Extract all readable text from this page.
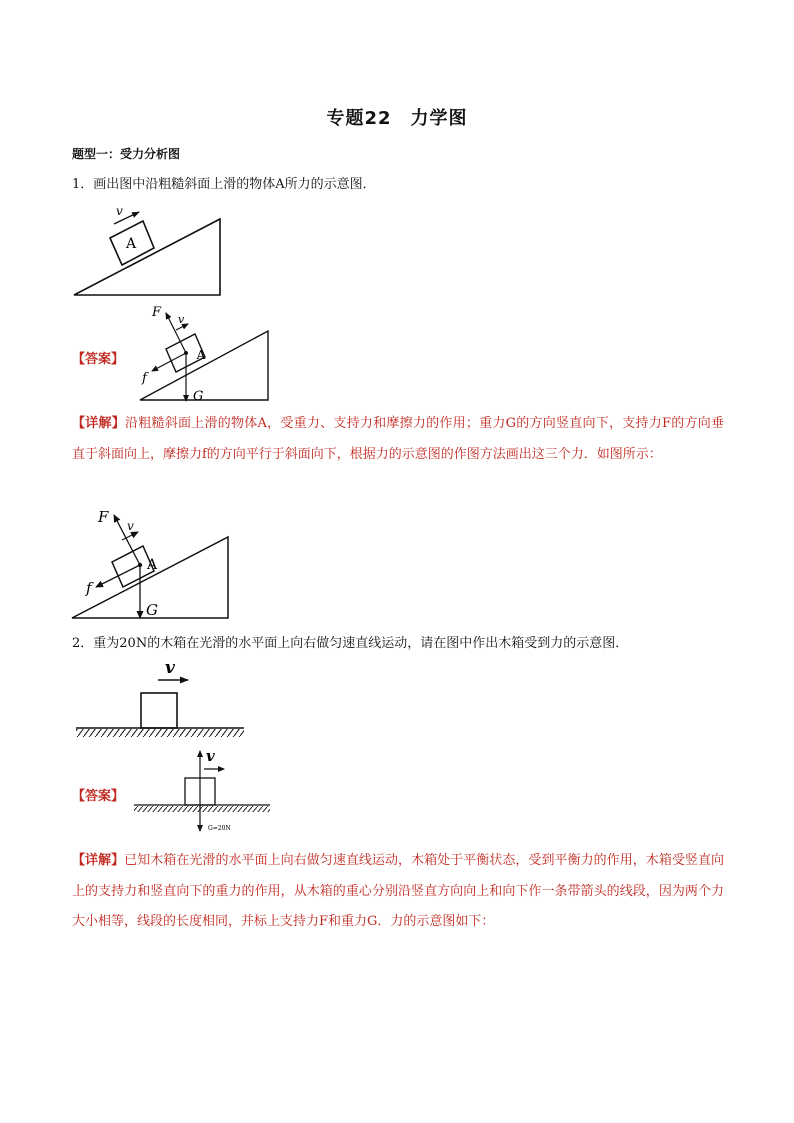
专题22　力学图
题型一：受力分析图
1．画出图中沿粗糙斜面上滑的物体A所力的示意图．
A
v
【答案】	A
F v
f
G
【详解】沿粗糙斜面上滑的物体A，受重力、支持力和摩擦力的作用；重力G的方向竖直向下，支持力F的方向垂直于斜面向上，摩擦力f的方向平行于斜面向下，根据力的示意图的作图方法画出这三个力．如图所示：
A
F v
f
G
2．重为20N的木箱在光滑的水平面上向右做匀速直线运动，请在图中作出木箱受到力的示意图．
v
【答案】
v
G=20N
【详解】已知木箱在光滑的水平面上向右做匀速直线运动，木箱处于平衡状态，受到平衡力的作用，木箱受竖直向上的支持力和竖直向下的重力的作用，从木箱的重心分别沿竖直方向向上和向下作一条带箭头的线段，因为两个力大小相等，线段的长度相同，并标上支持力F和重力G．力的示意图如下：
